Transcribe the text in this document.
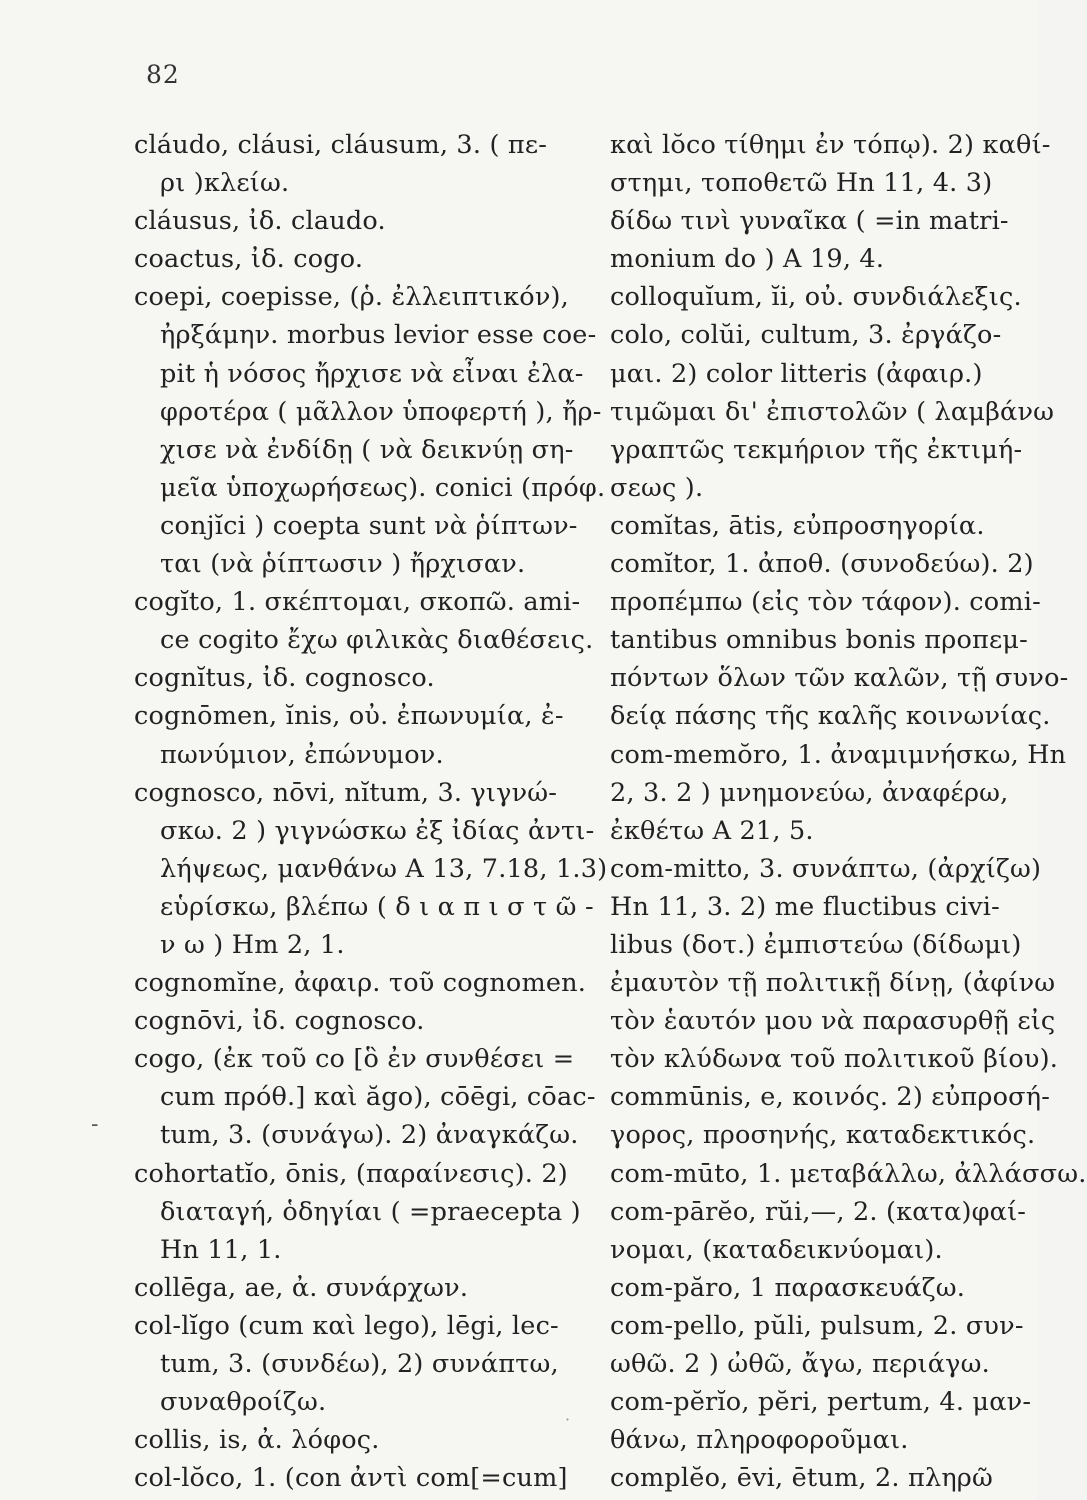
82
-
·
cláudo, cláusi, cláusum, 3. ( πε-
ρι )κλείω.
cláusus, ἰδ. claudo.
coactus, ἰδ. cogo.
coepi, coepisse, (ῥ. ἐλλειπτικόν),
ἠρξάμην. morbus levior esse coe-
pit ἡ νόσος ἤρχισε νὰ εἶναι ἐλα-
φροτέρα ( μᾶλλον ὑποφερτή ), ἤρ-
χισε νὰ ἐνδίδῃ ( νὰ δεικνύῃ ση-
μεῖα ὑποχωρήσεως). conici (πρόφ.
conjĭci ) coepta sunt νὰ ῥίπτων-
ται (νὰ ῥίπτωσιν ) ἤρχισαν.
cogĭto, 1. σκέπτομαι, σκοπῶ. ami-
ce cogito ἔχω φιλικὰς διαθέσεις.
cognĭtus, ἰδ. cognosco.
cognōmen, ĭnis, οὐ. ἐπωνυμία, ἐ-
πωνύμιον, ἐπώνυμον.
cognosco, nōvi, nĭtum, 3. γιγνώ-
σκω. 2 ) γιγνώσκω ἐξ ἰδίας ἀντι-
λήψεως, μανθάνω A 13, 7.18, 1.3)
εὑρίσκω, βλέπω ( δ ι α π ι σ τ ῶ -
ν ω ) Hm 2, 1.
cognomĭne, ἀφαιρ. τοῦ cognomen.
cognōvi, ἰδ. cognosco.
cogo, (ἐκ τοῦ co [ὃ ἐν συνθέσει =
cum πρόθ.] καὶ ăgo), cōēgi, cōac-
tum, 3. (συνάγω). 2) ἀναγκάζω.
cohortatĭo, ōnis, (παραίνεσις). 2)
διαταγή, ὁδηγίαι ( =praecepta )
Hn 11, 1.
collēga, ae, ἀ. συνάρχων.
col-lĭgo (cum καὶ lego), lēgi, lec-
tum, 3. (συνδέω), 2) συνάπτω,
συναθροίζω.
collis, is, ἀ. λόφος.
col-lŏco, 1. (con ἀντὶ com[=cum]
καὶ lŏco τίθημι ἐν τόπῳ). 2) καθί-
στημι, τοποθετῶ Hn 11, 4. 3)
δίδω τινὶ γυναῖκα ( =in matri-
monium do ) A 19, 4.
colloquĭum, ĭi, οὐ. συνδιάλεξις.
colo, colŭi, cultum, 3. ἐργάζο-
μαι. 2) color litteris (ἀφαιρ.)
τιμῶμαι δι' ἐπιστολῶν ( λαμβάνω
γραπτῶς τεκμήριον τῆς ἐκτιμή-
σεως ).
comĭtas, ātis, εὐπροσηγορία.
comĭtor, 1. ἀποθ. (συνοδεύω). 2)
προπέμπω (εἰς τὸν τάφον). comi-
tantibus omnibus bonis προπεμ-
πόντων ὅλων τῶν καλῶν, τῇ συνο-
δείᾳ πάσης τῆς καλῆς κοινωνίας.
com-memŏro, 1. ἀναμιμνήσκω, Hn
2, 3. 2 ) μνημονεύω, ἀναφέρω,
ἐκθέτω A 21, 5.
com-mitto, 3. συνάπτω, (ἀρχίζω)
Hn 11, 3. 2) me fluctibus civi-
libus (δοτ.) ἐμπιστεύω (δίδωμι)
ἐμαυτὸν τῇ πολιτικῇ δίνῃ, (ἀφίνω
τὸν ἑαυτόν μου νὰ παρασυρθῇ εἰς
τὸν κλύδωνα τοῦ πολιτικοῦ βίου).
commūnis, e, κοινός. 2) εὐπροσή-
γορος, προσηνής, καταδεκτικός.
com-mūto, 1. μεταβάλλω, ἀλλάσσω.
com-pārĕo, rŭi,—, 2. (κατα)φαί-
νομαι, (καταδεικνύομαι).
com-păro, 1 παρασκευάζω.
com-pello, pŭli, pulsum, 2. συν-
ωθῶ. 2 ) ὠθῶ, ἄγω, περιάγω.
com-pĕrĭo, pĕri, pertum, 4. μαν-
θάνω, πληροφοροῦμαι.
complĕo, ēvi, ētum, 2. πληρῶ
